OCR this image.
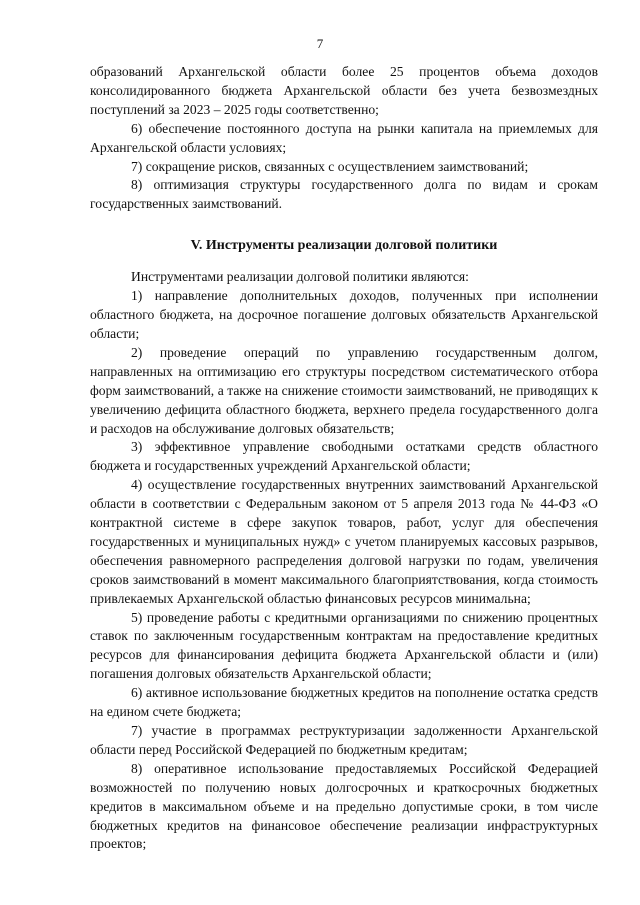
7

образований Архангельской области более 25 процентов объема доходов консолидированного бюджета Архангельской области без учета безвозмездных поступлений за 2023 – 2025 годы соответственно;

6) обеспечение постоянного доступа на рынки капитала на приемлемых для Архангельской области условиях;

7) сокращение рисков, связанных с осуществлением заимствований;

8) оптимизация структуры государственного долга по видам и срокам государственных заимствований.

V. Инструменты реализации долговой политики

Инструментами реализации долговой политики являются:

1) направление дополнительных доходов, полученных при исполнении областного бюджета, на досрочное погашение долговых обязательств Архангельской области;

2) проведение операций по управлению государственным долгом, направленных на оптимизацию его структуры посредством систематического отбора форм заимствований, а также на снижение стоимости заимствований, не приводящих к увеличению дефицита областного бюджета, верхнего предела государственного долга и расходов на обслуживание долговых обязательств;

3) эффективное управление свободными остатками средств областного бюджета и государственных учреждений Архангельской области;

4) осуществление государственных внутренних заимствований Архангельской области в соответствии с Федеральным законом от 5 апреля 2013 года № 44-ФЗ «О контрактной системе в сфере закупок товаров, работ, услуг для обеспечения государственных и муниципальных нужд» с учетом планируемых кассовых разрывов, обеспечения равномерного распределения долговой нагрузки по годам, увеличения сроков заимствований в момент максимального благоприятствования, когда стоимость привлекаемых Архангельской областью финансовых ресурсов минимальна;

5) проведение работы с кредитными организациями по снижению процентных ставок по заключенным государственным контрактам на предоставление кредитных ресурсов для финансирования дефицита бюджета Архангельской области и (или) погашения долговых обязательств Архангельской области;

6) активное использование бюджетных кредитов на пополнение остатка средств на едином счете бюджета;

7) участие в программах реструктуризации задолженности Архангельской области перед Российской Федерацией по бюджетным кредитам;

8) оперативное использование предоставляемых Российской Федерацией возможностей по получению новых долгосрочных и краткосрочных бюджетных кредитов в максимальном объеме и на предельно допустимые сроки, в том числе бюджетных кредитов на финансовое обеспечение реализации инфраструктурных проектов;
